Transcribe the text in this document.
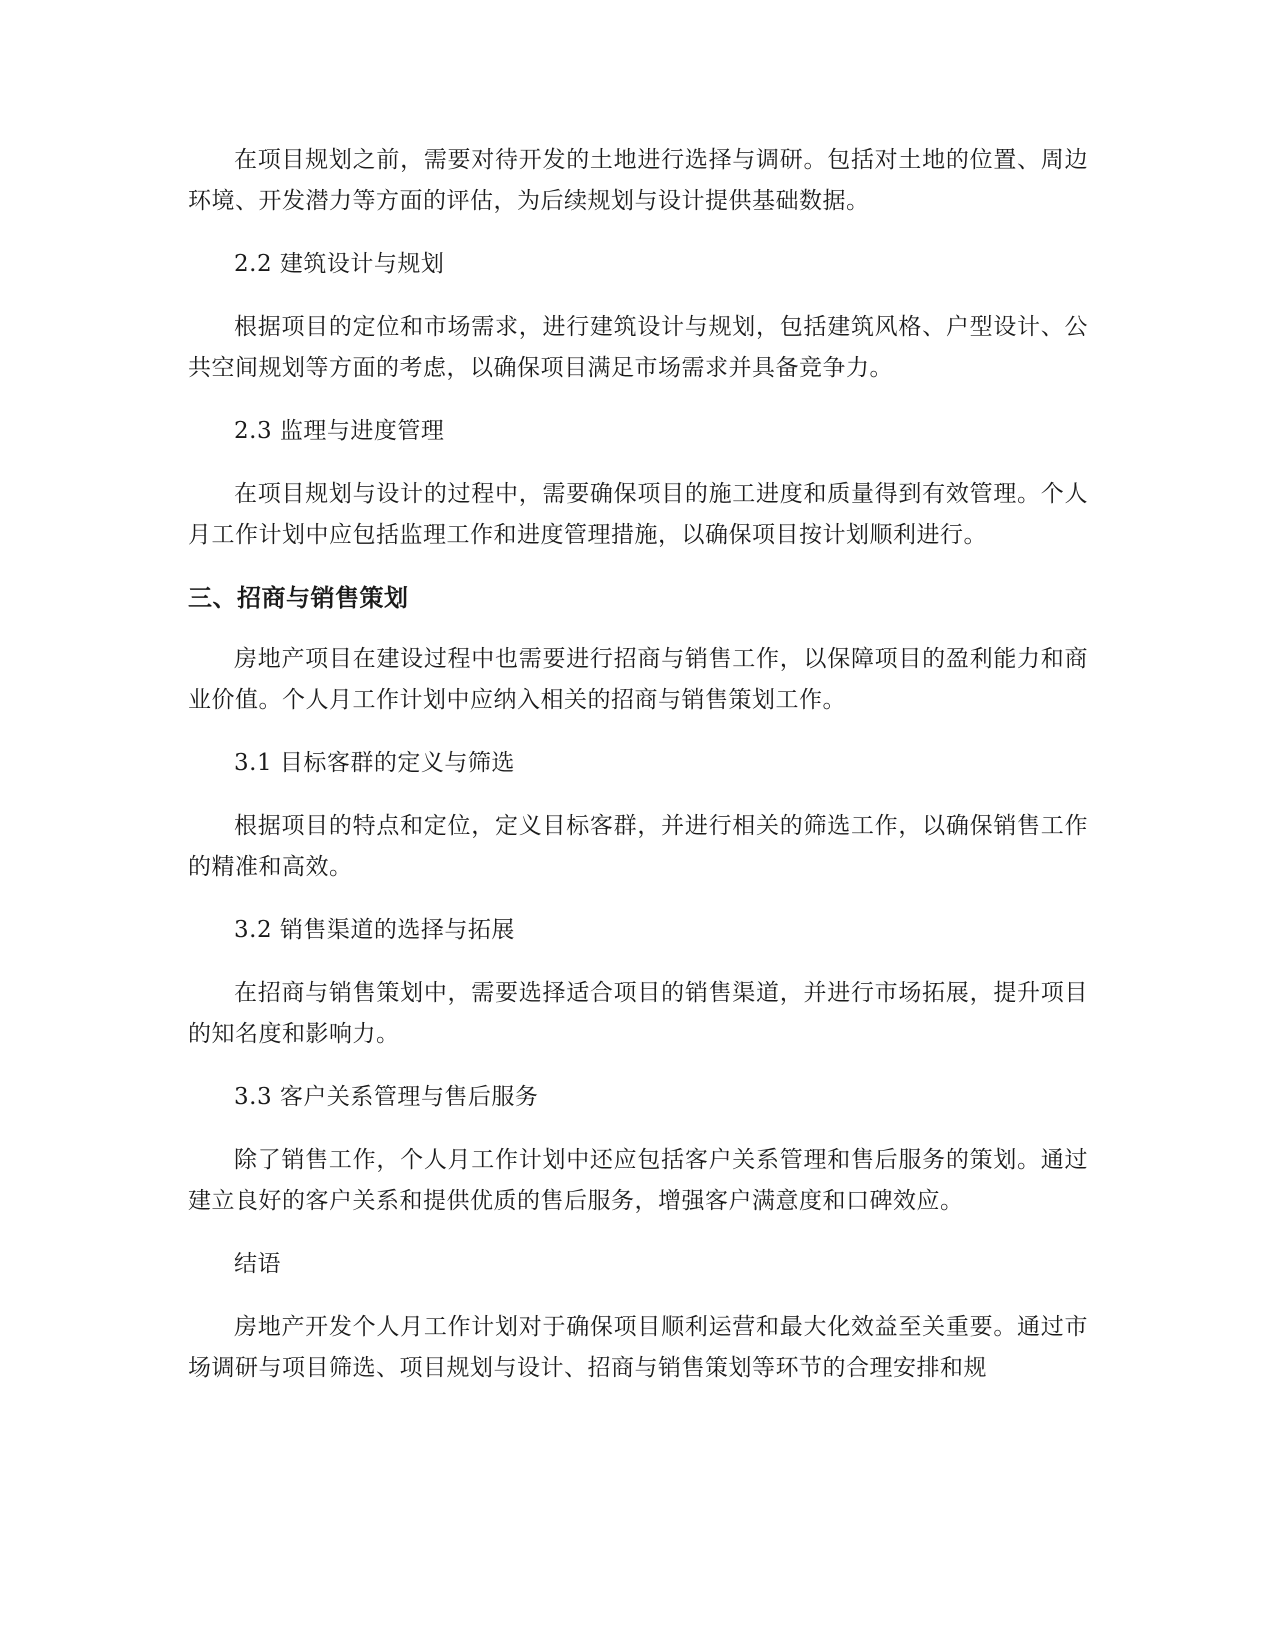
在项目规划之前，需要对待开发的土地进行选择与调研。包括对土地的位置、周边环境、开发潜力等方面的评估，为后续规划与设计提供基础数据。

2.2 建筑设计与规划

根据项目的定位和市场需求，进行建筑设计与规划，包括建筑风格、户型设计、公共空间规划等方面的考虑，以确保项目满足市场需求并具备竞争力。

2.3 监理与进度管理

在项目规划与设计的过程中，需要确保项目的施工进度和质量得到有效管理。个人月工作计划中应包括监理工作和进度管理措施，以确保项目按计划顺利进行。

三、招商与销售策划

房地产项目在建设过程中也需要进行招商与销售工作，以保障项目的盈利能力和商业价值。个人月工作计划中应纳入相关的招商与销售策划工作。

3.1 目标客群的定义与筛选

根据项目的特点和定位，定义目标客群，并进行相关的筛选工作，以确保销售工作的精准和高效。

3.2 销售渠道的选择与拓展

在招商与销售策划中，需要选择适合项目的销售渠道，并进行市场拓展，提升项目的知名度和影响力。

3.3 客户关系管理与售后服务

除了销售工作，个人月工作计划中还应包括客户关系管理和售后服务的策划。通过建立良好的客户关系和提供优质的售后服务，增强客户满意度和口碑效应。

结语

房地产开发个人月工作计划对于确保项目顺利运营和最大化效益至关重要。通过市场调研与项目筛选、项目规划与设计、招商与销售策划等环节的合理安排和规
